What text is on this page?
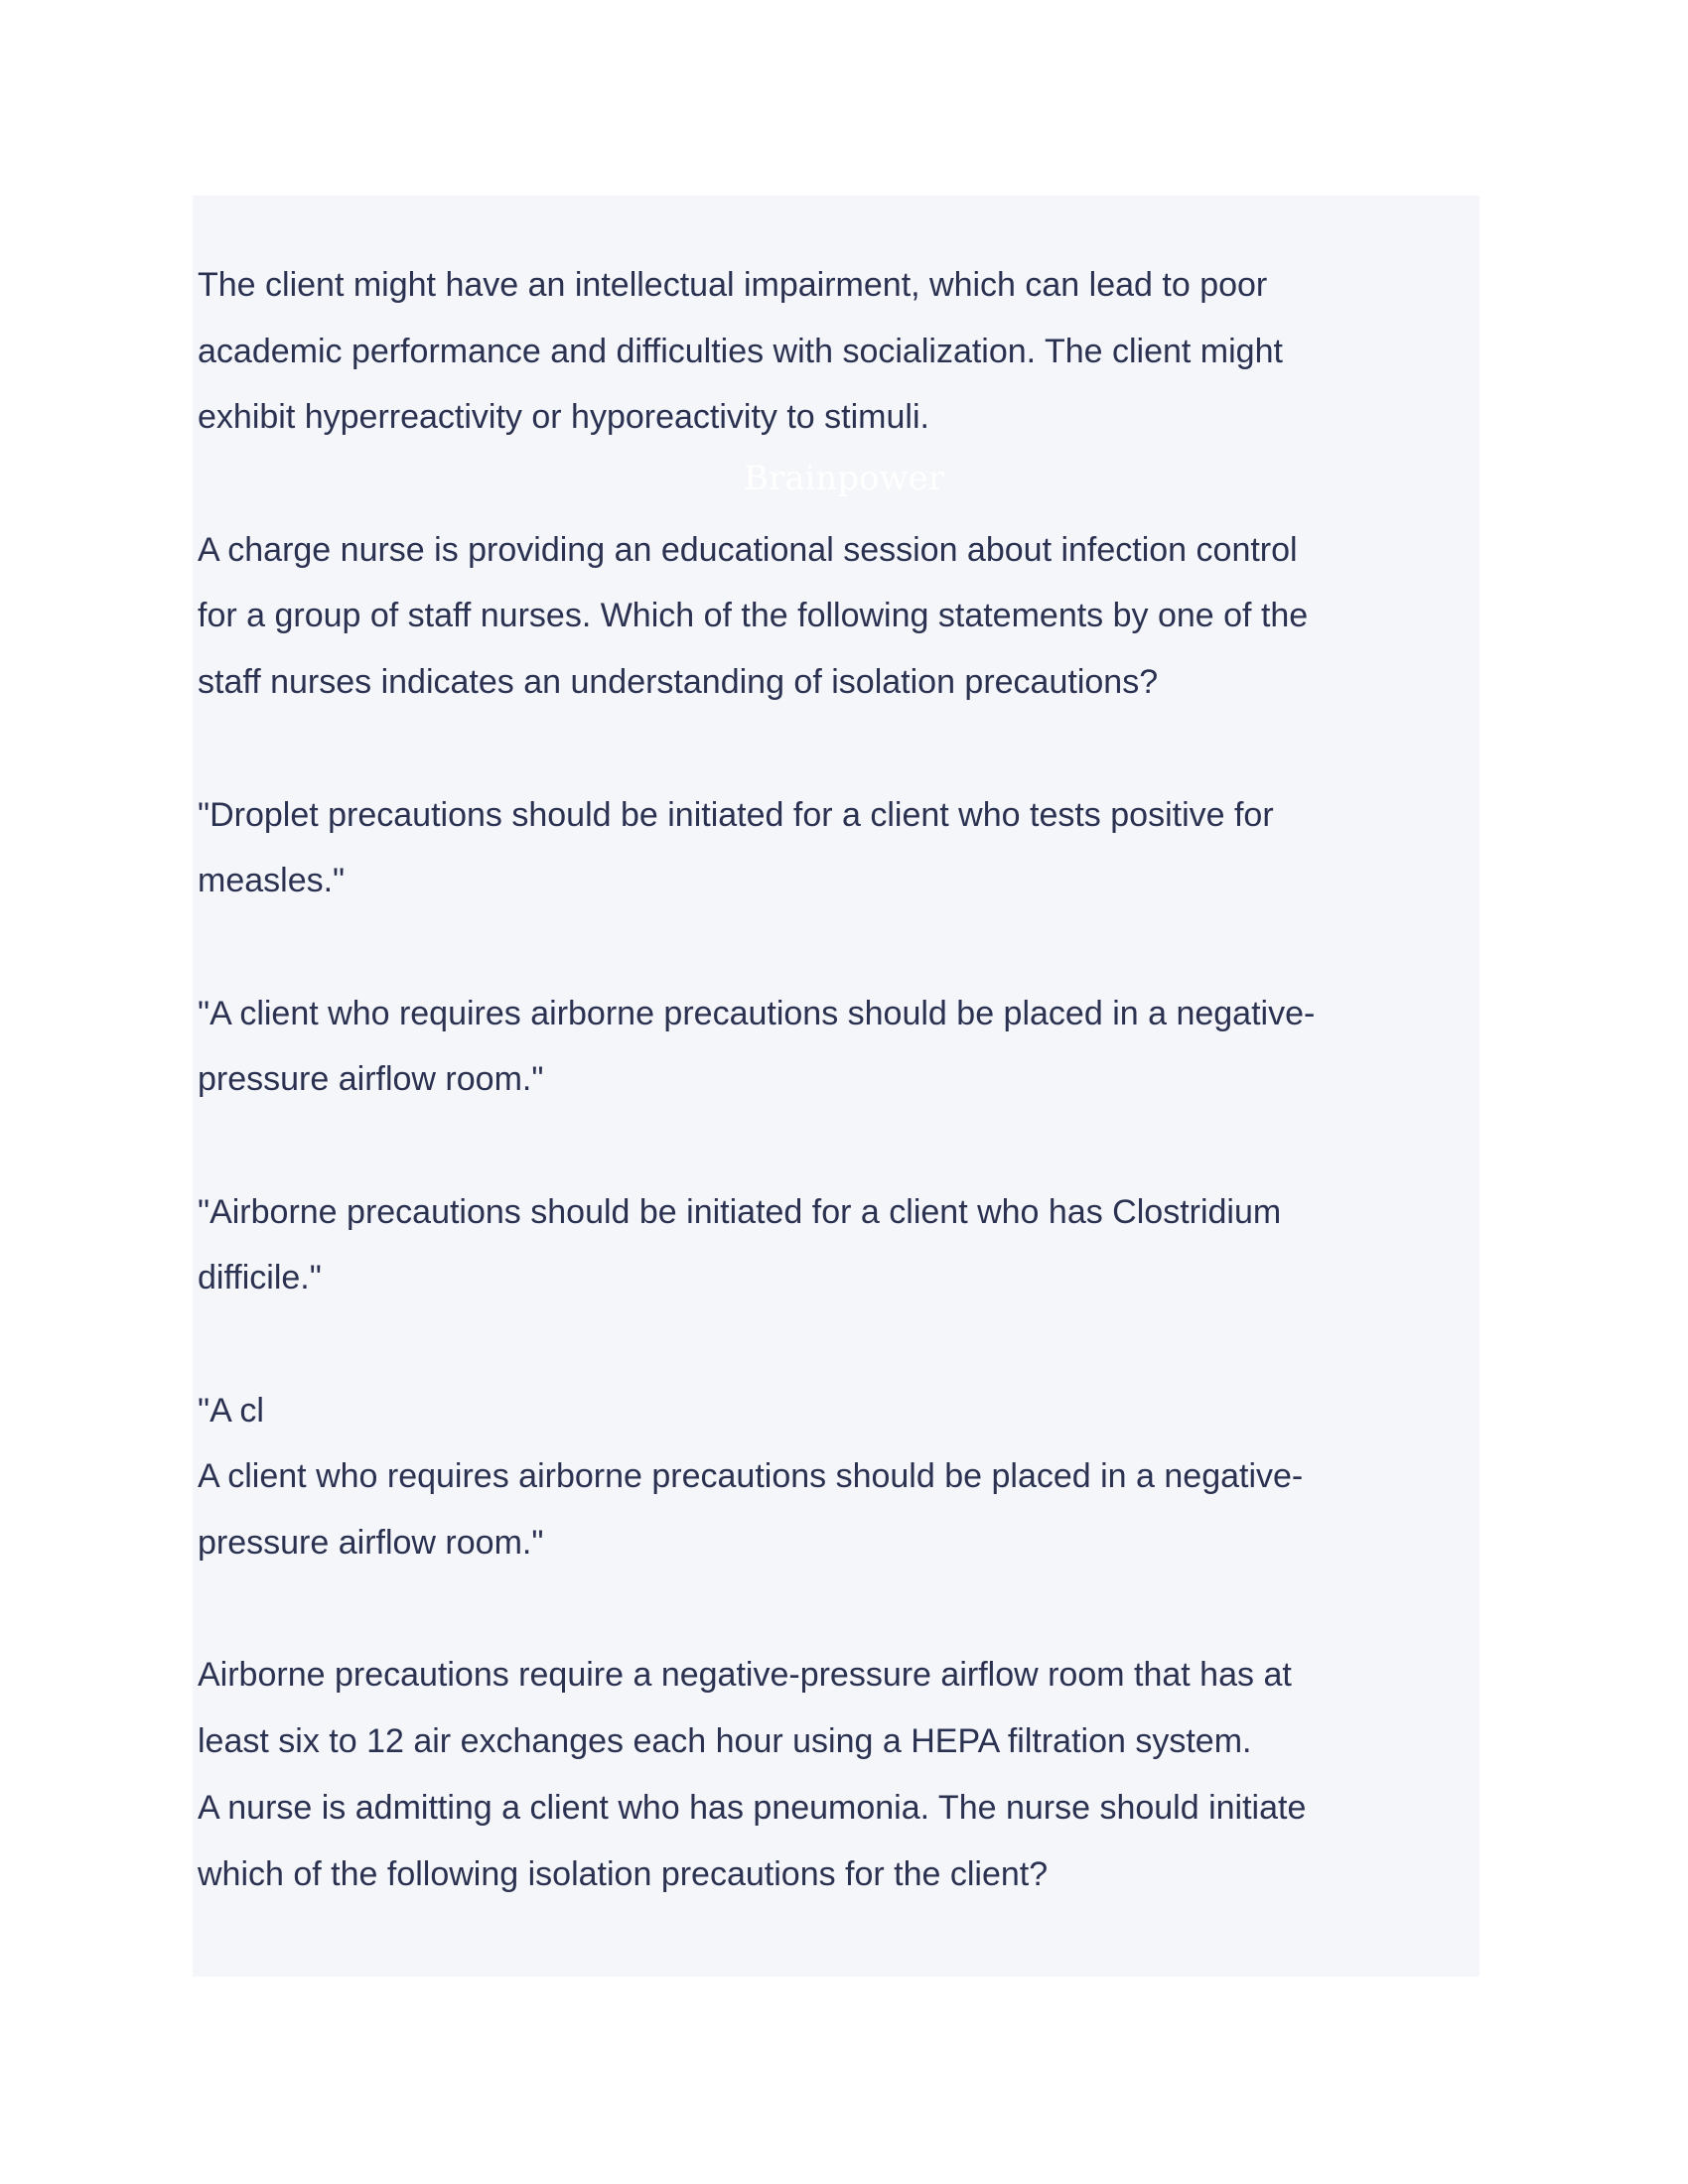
Brainpower
The client might have an intellectual impairment, which can lead to poor
academic performance and difficulties with socialization. The client might
exhibit hyperreactivity or hyporeactivity to stimuli.
A charge nurse is providing an educational session about infection control
for a group of staff nurses. Which of the following statements by one of the
staff nurses indicates an understanding of isolation precautions?
"Droplet precautions should be initiated for a client who tests positive for
measles."
"A client who requires airborne precautions should be placed in a negative-
pressure airflow room."
"Airborne precautions should be initiated for a client who has Clostridium
difficile."
"A cl
A client who requires airborne precautions should be placed in a negative-
pressure airflow room."
Airborne precautions require a negative-pressure airflow room that has at
least six to 12 air exchanges each hour using a HEPA filtration system.
A nurse is admitting a client who has pneumonia. The nurse should initiate
which of the following isolation precautions for the client?
